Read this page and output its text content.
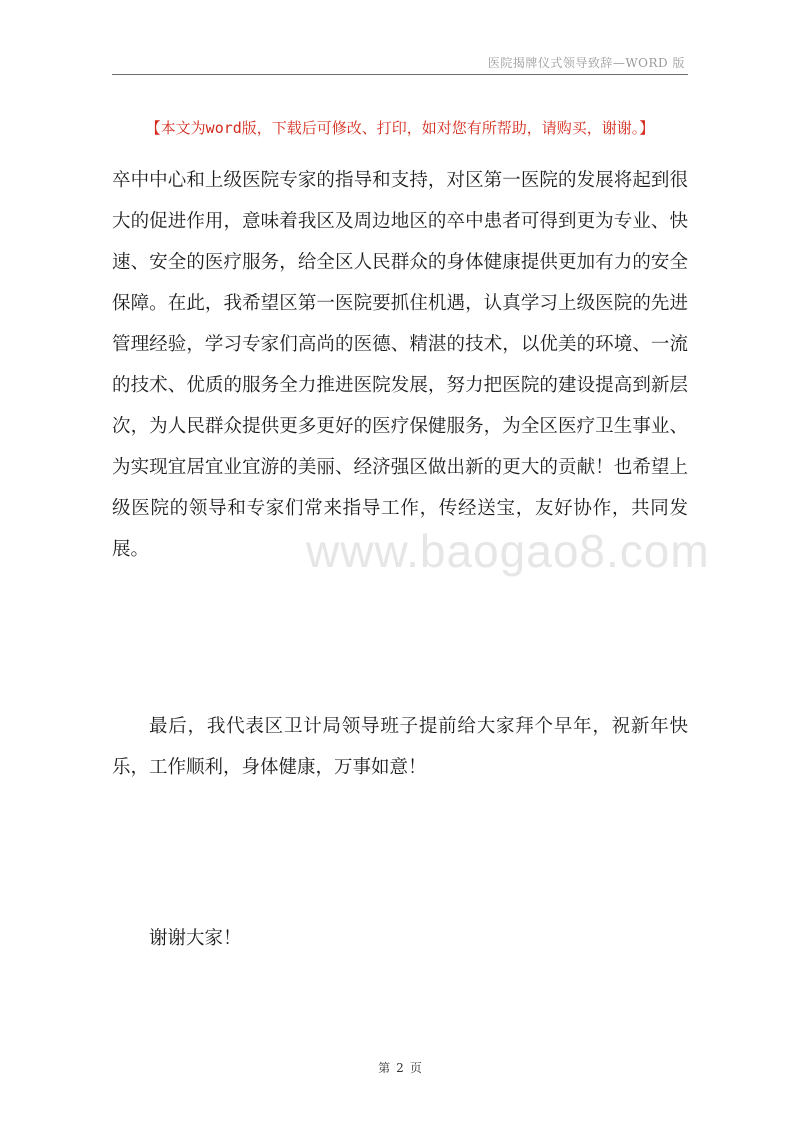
医院揭牌仪式领导致辞—WORD 版
【本文为word版，下载后可修改、打印，如对您有所帮助，请购买，谢谢。】

卒中中心和上级医院专家的指导和支持，对区第一医院的发展将起到很大的促进作用，意味着我区及周边地区的卒中患者可得到更为专业、快速、安全的医疗服务，给全区人民群众的身体健康提供更加有力的安全保障。在此，我希望区第一医院要抓住机遇，认真学习上级医院的先进管理经验，学习专家们高尚的医德、精湛的技术，以优美的环境、一流的技术、优质的服务全力推进医院发展，努力把医院的建设提高到新层次，为人民群众提供更多更好的医疗保健服务，为全区医疗卫生事业、为实现宜居宜业宜游的美丽、经济强区做出新的更大的贡献！也希望上级医院的领导和专家们常来指导工作，传经送宝，友好协作，共同发展。	www.baogao8.com

最后，我代表区卫计局领导班子提前给大家拜个早年，祝新年快乐，工作顺利，身体健康，万事如意！

谢谢大家！

第 2 页
